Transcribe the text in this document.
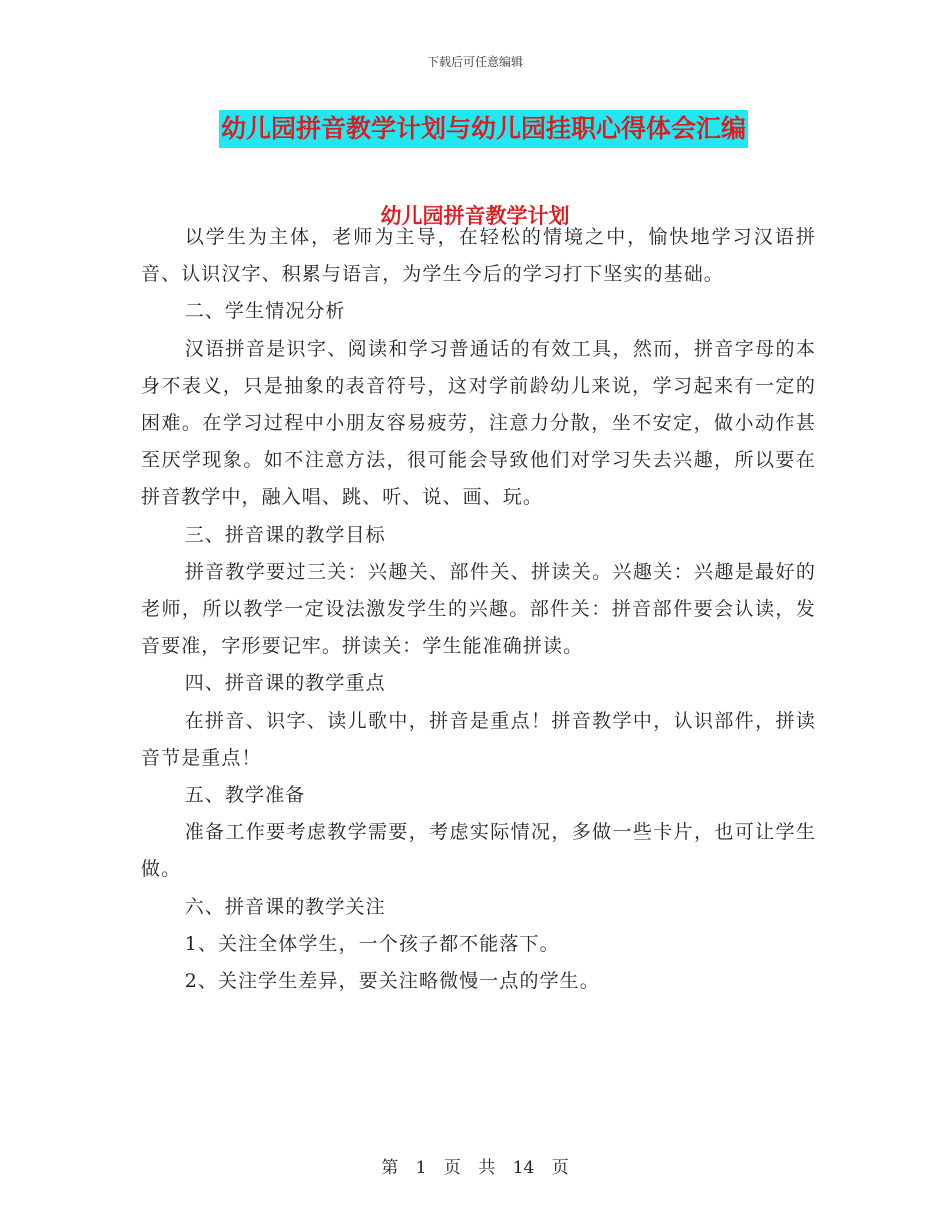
下载后可任意编辑
幼儿园拼音教学计划与幼儿园挂职心得体会汇编
幼儿园拼音教学计划

以学生为主体，老师为主导，在轻松的情境之中，愉快地学习汉语拼音、认识汉字、积累与语言，为学生今后的学习打下坚实的基础。

二、学生情况分析

汉语拼音是识字、阅读和学习普通话的有效工具，然而，拼音字母的本身不表义，只是抽象的表音符号，这对学前龄幼儿来说，学习起来有一定的困难。在学习过程中小朋友容易疲劳，注意力分散，坐不安定，做小动作甚至厌学现象。如不注意方法，很可能会导致他们对学习失去兴趣，所以要在拼音教学中，融入唱、跳、听、说、画、玩。

三、拼音课的教学目标

拼音教学要过三关：兴趣关、部件关、拼读关。兴趣关：兴趣是最好的老师，所以教学一定设法激发学生的兴趣。部件关：拼音部件要会认读，发音要准，字形要记牢。拼读关：学生能准确拼读。

四、拼音课的教学重点

在拼音、识字、读儿歌中，拼音是重点！拼音教学中，认识部件，拼读音节是重点！

五、教学准备

准备工作要考虑教学需要，考虑实际情况，多做一些卡片，也可让学生做。

六、拼音课的教学关注

1、关注全体学生，一个孩子都不能落下。

2、关注学生差异，要关注略微慢一点的学生。

第 1 页 共 14 页
